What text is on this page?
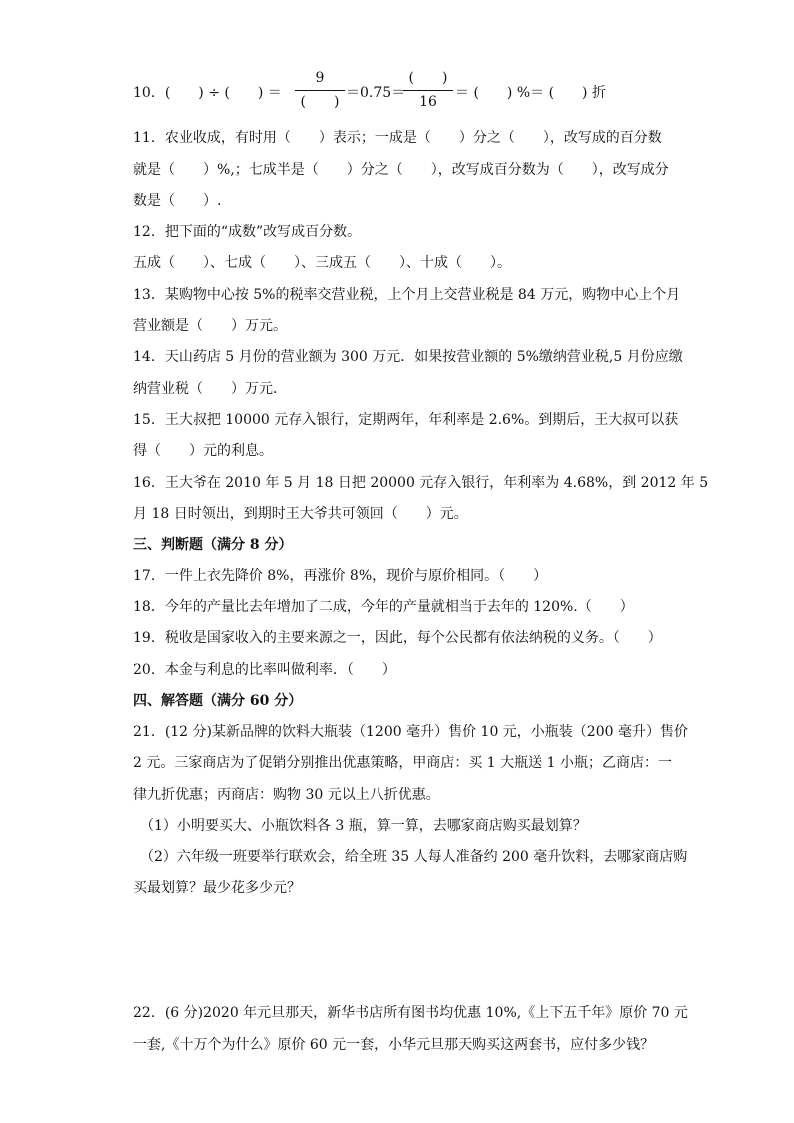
10．(　　) ÷ (　　) ＝
9
(　　)
＝0.75＝
(　　)
16
＝ (　　) %＝ (　　) 折
11．农业收成，有时用（　　）表示；一成是（　　）分之（　　），改写成的百分数
就是（　　）%,；七成半是（　　）分之（　　），改写成百分数为（　　），改写成分
数是（　　）.
12．把下面的“成数”改写成百分数。
五成（　　）、七成（　　）、三成五（　　）、十成（　　）。
13．某购物中心按 5%的税率交营业税，上个月上交营业税是 84 万元，购物中心上个月
营业额是（　　）万元。
14．天山药店 5 月份的营业额为 300 万元．如果按营业额的 5%缴纳营业税,5 月份应缴
纳营业税（　　）万元．
15．王大叔把 10000 元存入银行，定期两年，年利率是 2.6%。到期后，王大叔可以获
得（　　）元的利息。
16．王大爷在 2010 年 5 月 18 日把 20000 元存入银行，年利率为 4.68%，到 2012 年 5
月 18 日时领出，到期时王大爷共可领回（　　）元。
三、判断题（满分 8 分）
17．一件上衣先降价 8%，再涨价 8%，现价与原价相同。（　　）
18．今年的产量比去年增加了二成，今年的产量就相当于去年的 120%.（　　）
19．税收是国家收入的主要来源之一，因此，每个公民都有依法纳税的义务。（　　）
20．本金与利息的比率叫做利率．（　　）
四、解答题（满分 60 分）
21．(12 分)某新品牌的饮料大瓶装（1200 毫升）售价 10 元，小瓶装（200 毫升）售价
2 元。三家商店为了促销分别推出优惠策略，甲商店：买 1 大瓶送 1 小瓶；乙商店：一
律九折优惠；丙商店：购物 30 元以上八折优惠。
（1）小明要买大、小瓶饮料各 3 瓶，算一算，去哪家商店购买最划算？
（2）六年级一班要举行联欢会，给全班 35 人每人准备约 200 毫升饮料，去哪家商店购
买最划算？最少花多少元？
22．(6 分)2020 年元旦那天，新华书店所有图书均优惠 10%,《上下五千年》原价 70 元
一套,《十万个为什么》原价 60 元一套，小华元旦那天购买这两套书，应付多少钱？
